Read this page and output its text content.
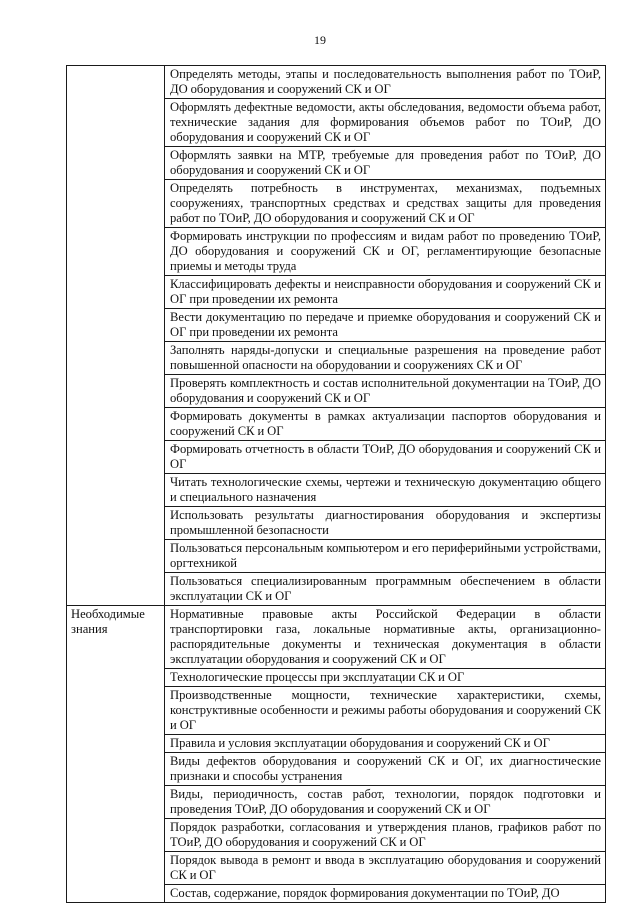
19
	Определять методы, этапы и последовательность выполнения работ по ТОиР, ДО оборудования и сооружений СК и ОГ
	Оформлять дефектные ведомости, акты обследования, ведомости объема работ, технические задания для формирования объемов работ по ТОиР, ДО оборудования и сооружений СК и ОГ
	Оформлять заявки на МТР, требуемые для проведения работ по ТОиР, ДО оборудования и сооружений СК и ОГ
	Определять потребность в инструментах, механизмах, подъемных сооружениях, транспортных средствах и средствах защиты для проведения работ по ТОиР, ДО оборудования и сооружений СК и ОГ
	Формировать инструкции по профессиям и видам работ по проведению ТОиР, ДО оборудования и сооружений СК и ОГ, регламентирующие безопасные приемы и методы труда
	Классифицировать дефекты и неисправности оборудования и сооружений СК и ОГ при проведении их ремонта
	Вести документацию по передаче и приемке оборудования и сооружений СК и ОГ при проведении их ремонта
	Заполнять наряды-допуски и специальные разрешения на проведение работ повышенной опасности на оборудовании и сооружениях СК и ОГ
	Проверять комплектность и состав исполнительной документации на ТОиР, ДО оборудования и сооружений СК и ОГ
	Формировать документы в рамках актуализации паспортов оборудования и сооружений СК и ОГ
	Формировать отчетность в области ТОиР, ДО оборудования и сооружений СК и ОГ
	Читать технологические схемы, чертежи и техническую документацию общего и специального назначения
	Использовать результаты диагностирования оборудования и экспертизы промышленной безопасности
	Пользоваться персональным компьютером и его периферийными устройствами, оргтехникой
	Пользоваться специализированным программным обеспечением в области эксплуатации СК и ОГ
Необходимые знания	Нормативные правовые акты Российской Федерации в области транспортировки газа, локальные нормативные акты, организационно-распорядительные документы и техническая документация в области эксплуатации оборудования и сооружений СК и ОГ
	Технологические процессы при эксплуатации СК и ОГ
	Производственные мощности, технические характеристики, схемы, конструктивные особенности и режимы работы оборудования и сооружений СК и ОГ
	Правила и условия эксплуатации оборудования и сооружений СК и ОГ
	Виды дефектов оборудования и сооружений СК и ОГ, их диагностические признаки и способы устранения
	Виды, периодичность, состав работ, технологии, порядок подготовки и проведения ТОиР, ДО оборудования и сооружений СК и ОГ
	Порядок разработки, согласования и утверждения планов, графиков работ по ТОиР, ДО оборудования и сооружений СК и ОГ
	Порядок вывода в ремонт и ввода в эксплуатацию оборудования и сооружений СК и ОГ
	Состав, содержание, порядок формирования документации по ТОиР, ДО
